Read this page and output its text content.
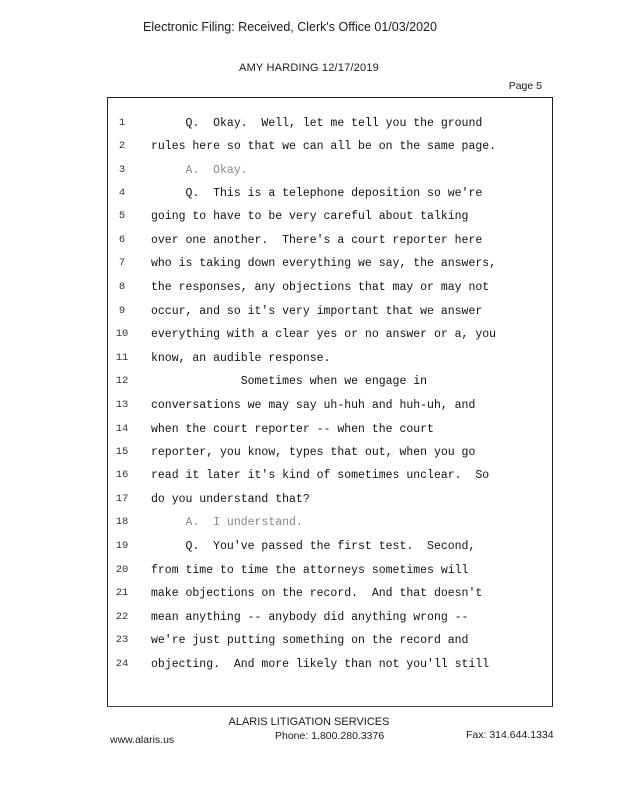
Electronic Filing: Received, Clerk's Office 01/03/2020
AMY HARDING 12/17/2019
Page 5
1	Q.  Okay.  Well, let me tell you the ground
2	rules here so that we can all be on the same page.
3	A.  Okay.
4	Q.  This is a telephone deposition so we're
5	going to have to be very careful about talking
6	over one another.  There's a court reporter here
7	who is taking down everything we say, the answers,
8	the responses, any objections that may or may not
9	occur, and so it's very important that we answer
10	everything with a clear yes or no answer or a, you
11	know, an audible response.
12	Sometimes when we engage in
13	conversations we may say uh-huh and huh-uh, and
14	when the court reporter -- when the court
15	reporter, you know, types that out, when you go
16	read it later it's kind of sometimes unclear.  So
17	do you understand that?
18	A.  I understand.
19	Q.  You've passed the first test.  Second,
20	from time to time the attorneys sometimes will
21	make objections on the record.  And that doesn't
22	mean anything -- anybody did anything wrong --
23	we're just putting something on the record and
24	objecting.  And more likely than not you'll still
ALARIS LITIGATION SERVICES
www.alaris.us	Phone: 1.800.280.3376	Fax: 314.644.1334
